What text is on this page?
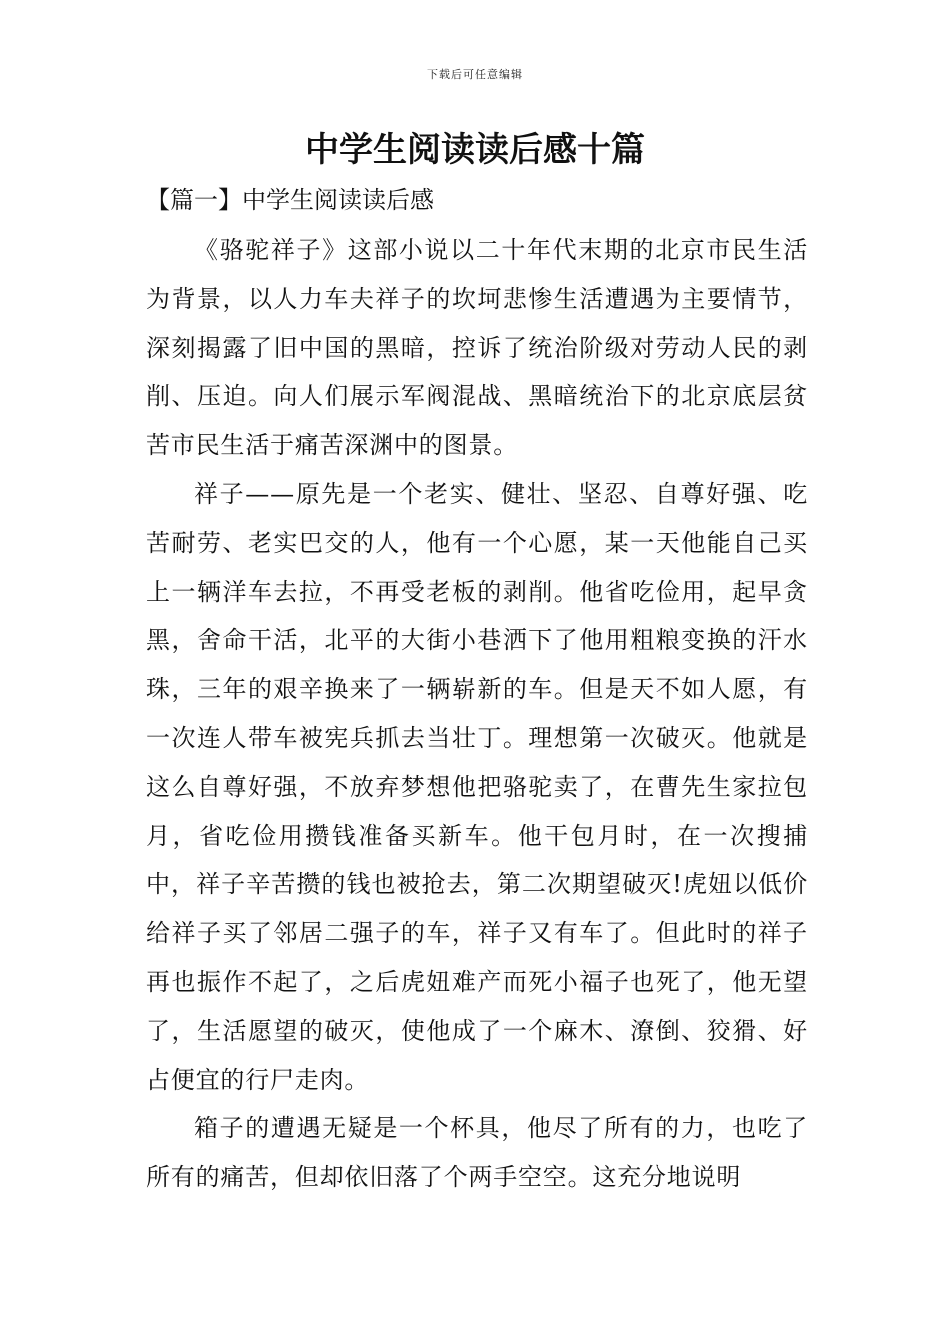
下载后可任意编辑
中学生阅读读后感十篇
【篇一】中学生阅读读后感

《骆驼祥子》这部小说以二十年代末期的北京市民生活为背景，以人力车夫祥子的坎坷悲惨生活遭遇为主要情节，深刻揭露了旧中国的黑暗，控诉了统治阶级对劳动人民的剥削、压迫。向人们展示军阀混战、黑暗统治下的北京底层贫苦市民生活于痛苦深渊中的图景。

祥子——原先是一个老实、健壮、坚忍、自尊好强、吃苦耐劳、老实巴交的人，他有一个心愿，某一天他能自己买上一辆洋车去拉，不再受老板的剥削。他省吃俭用，起早贪黑，舍命干活，北平的大街小巷洒下了他用粗粮变换的汗水珠，三年的艰辛换来了一辆崭新的车。但是天不如人愿，有一次连人带车被宪兵抓去当壮丁。理想第一次破灭。他就是这么自尊好强，不放弃梦想他把骆驼卖了，在曹先生家拉包月，省吃俭用攒钱准备买新车。他干包月时，在一次搜捕中，祥子辛苦攒的钱也被抢去，第二次期望破灭!虎妞以低价给祥子买了邻居二强子的车，祥子又有车了。但此时的祥子再也振作不起了，之后虎妞难产而死小福子也死了，他无望了，生活愿望的破灭，使他成了一个麻木、潦倒、狡猾、好占便宜的行尸走肉。

箱子的遭遇无疑是一个杯具，他尽了所有的力，也吃了所有的痛苦，但却依旧落了个两手空空。这充分地说明
